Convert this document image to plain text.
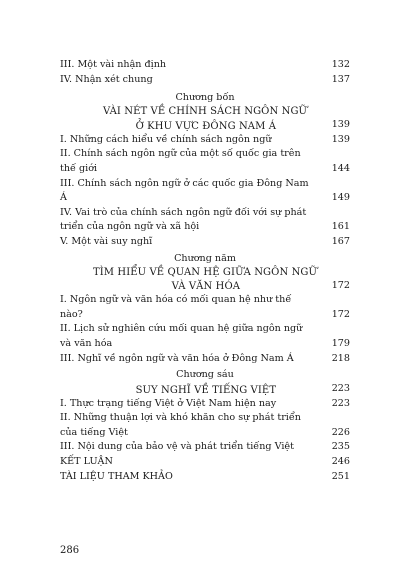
III. Một vài nhận định	132
IV. Nhận xét chung	137
Chương bốn
VÀI NÉT VỀ CHÍNH SÁCH NGÔN NGỮ
Ở KHU VỰC ĐÔNG NAM Á	139
I. Những cách hiểu về chính sách ngôn ngữ	139
II. Chính sách ngôn ngữ của một số quốc gia trên thế giới	144
III. Chính sách ngôn ngữ ở các quốc gia Đông Nam Á	149
IV. Vai trò của chính sách ngôn ngữ đối với sự phát triển của ngôn ngữ và xã hội	161
V. Một vài suy nghĩ	167
Chương năm
TÌM HIỂU VỀ QUAN HỆ GIỮA NGÔN NGỮ
VÀ VĂN HÓA	172
I. Ngôn ngữ và văn hóa có mối quan hệ như thế nào?	172
II. Lịch sử nghiên cứu mối quan hệ giữa ngôn ngữ và văn hóa	179
III. Nghĩ về ngôn ngữ và văn hóa ở Đông Nam Á	218
Chương sáu
SUY NGHĨ VỀ TIẾNG VIỆT	223
I. Thực trạng tiếng Việt ở Việt Nam hiện nay	223
II. Những thuận lợi và khó khăn cho sự phát triển của tiếng Việt	226
III. Nội dung của bảo vệ và phát triển tiếng Việt	235
KẾT LUẬN	246
TÀI LIỆU THAM KHẢO	251
286
